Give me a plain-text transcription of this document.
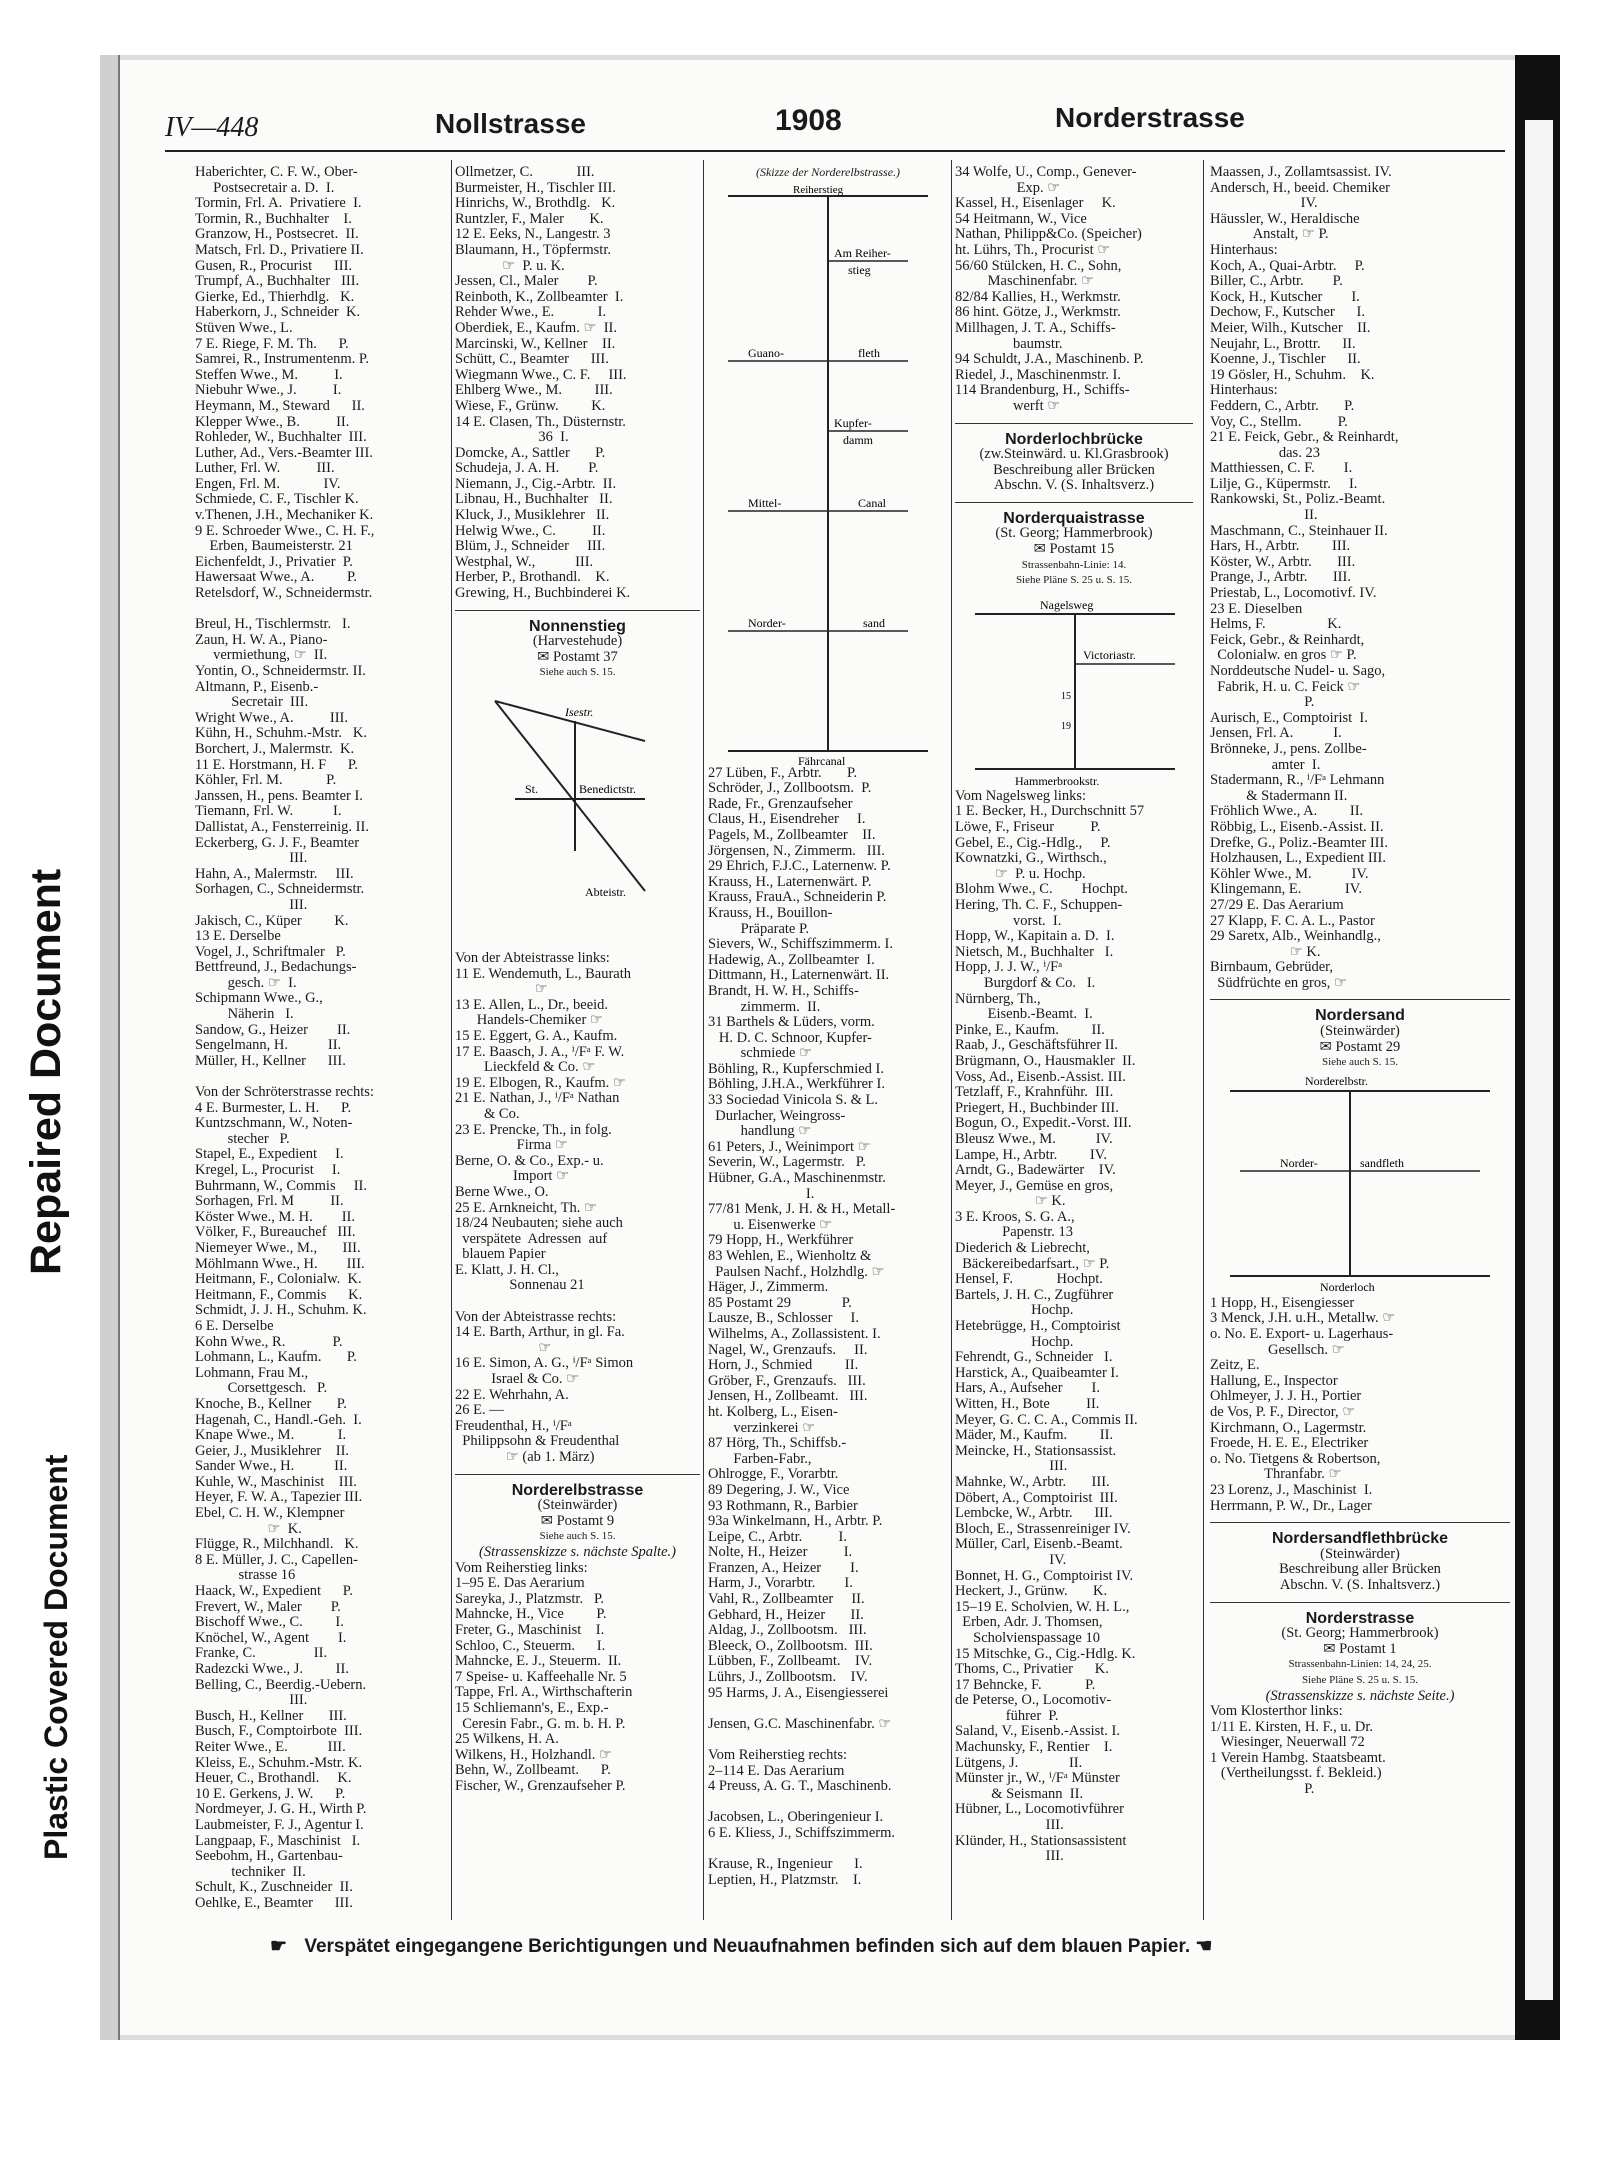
Repaired Document
Plastic Covered Document
IV—448	Nollstrasse	1908	Norderstrasse
Haberichter, C. F. W., Ober-
Postsecretair a. D.  I.
Tormin, Frl. A.  Privatiere  I.
Tormin, R., Buchhalter    I.
Granzow, H., Postsecret.  II.
Matsch, Frl. D., Privatiere II.
Gusen, R., Procurist      III.
Trumpf, A., Buchhalter   III.
Gierke, Ed., Thierhdlg.   K.
Haberkorn, J., Schneider  K.
Stüven Wwe., L.
7 E. Riege, F. M. Th.      P.
Samrei, R., Instrumentenm. P.
Steffen Wwe., M.          I.
Niebuhr Wwe., J.          I.
Heymann, M., Steward      II.
Klepper Wwe., B.          II.
Rohleder, W., Buchhalter  III.
Luther, Ad., Vers.-Beamter III.
Luther, Frl. W.          III.
Engen, Frl. M.            IV.
Schmiede, C. F., Tischler K.
v.Thenen, J.H., Mechaniker K.
9 E. Schroeder Wwe., C. H. F.,
Erben, Baumeisterstr. 21
Eichenfeldt, J., Privatier  P.
Hawersaat Wwe., A.         P.
Retelsdorf, W., Schneidermstr.
Breul, H., Tischlermstr.   I.
Zaun, H. W. A., Piano-
vermiethung, ☞  II.
Yontin, O., Schneidermstr. II.
Altmann, P., Eisenb.-
Secretair  III.
Wright Wwe., A.          III.
Kühn, H., Schuhm.-Mstr.   K.
Borchert, J., Malermstr.  K.
11 E. Horstmann, H. F      P.
Köhler, Frl. M.            P.
Janssen, H., pens. Beamter I.
Tiemann, Frl. W.           I.
Dallistat, A., Fensterreinig. II.
Eckerberg, G. J. F., Beamter
III.
Hahn, A., Malermstr.     III.
Sorhagen, C., Schneidermstr.
III.
Jakisch, C., Küper         K.
13 E. Derselbe
Vogel, J., Schriftmaler   P.
Bettfreund, J., Bedachungs-
gesch. ☞  I.
Schipmann Wwe., G.,
Näherin   I.
Sandow, G., Heizer        II.
Sengelmann, H.           II.
Müller, H., Kellner      III.
Von der Schröterstrasse rechts:
4 E. Burmester, L. H.      P.
Kuntzschmann, W., Noten-
stecher   P.
Stapel, E., Expedient     I.
Kregel, L., Procurist     I.
Buhrmann, W., Commis     II.
Sorhagen, Frl. M          II.
Köster Wwe., M. H.        II.
Völker, F., Bureauchef   III.
Niemeyer Wwe., M.,       III.
Möhlmann Wwe., H.        III.
Heitmann, F., Colonialw.  K.
Heitmann, F., Commis      K.
Schmidt, J. J. H., Schuhm. K.
6 E. Derselbe
Kohn Wwe., R.             P.
Lohmann, L., Kaufm.       P.
Lohmann, Frau M.,
Corsettgesch.   P.
Knoche, B., Kellner       P.
Hagenah, C., Handl.-Geh.  I.
Knape Wwe., M.            I.
Geier, J., Musiklehrer    II.
Sander Wwe., H.           II.
Kuhle, W., Maschinist    III.
Heyer, F. W. A., Tapezier III.
Ebel, C. H. W., Klempner
☞  K.
Flügge, R., Milchhandl.   K.
8 E. Müller, J. C., Capellen-
strasse 16
Haack, W., Expedient      P.
Frevert, W., Maler        P.
Bischoff Wwe., C.         I.
Knöchel, W., Agent        I.
Franke, C.                II.
Radezcki Wwe., J.         II.
Belling, C., Beerdig.-Uebern.
III.
Busch, H., Kellner       III.
Busch, F., Comptoirbote  III.
Reiter Wwe., E.           III.
Kleiss, E., Schuhm.-Mstr. K.
Heuer, C., Brothandl.     K.
10 E. Gerkens, J. W.      P.
Nordmeyer, J. G. H., Wirth P.
Laubmeister, F. J., Agentur I.
Langpaap, F., Maschinist   I.
Seebohm, H., Gartenbau-
techniker  II.
Schult, K., Zuschneider  II.
Oehlke, E., Beamter      III.
Ollmetzer, C.            III.
Burmeister, H., Tischler III.
Hinrichs, W., Brothdlg.   K.
Runtzler, F., Maler       K.
12 E. Eeks, N., Langestr. 3
Blaumann, H., Töpfermstr.
☞  P. u. K.
Jessen, Cl., Maler        P.
Reinboth, K., Zollbeamter  I.
Rehder Wwe., E.            I.
Oberdiek, E., Kaufm. ☞  II.
Marcinski, W., Kellner    II.
Schütt, C., Beamter      III.
Wiegmann Wwe., C. F.     III.
Ehlberg Wwe., M.         III.
Wiese, F., Grünw.         K.
14 E. Clasen, Th., Düsternstr.
36  I.
Domcke, A., Sattler       P.
Schudeja, J. A. H.        P.
Niemann, J., Cig.-Arbtr.  II.
Libnau, H., Buchhalter   II.
Kluck, J., Musiklehrer   II.
Helwig Wwe., C.          II.
Blüm, J., Schneider     III.
Westphal, W.,           III.
Herber, P., Brothandl.    K.
Grewing, H., Buchbinderei K.
Nonnenstieg
(Harvestehude)
✉ Postamt 37
Siehe auch S. 15.
Isestr.
St.	Benedictstr.
Abteistr.
Von der Abteistrasse links:
11 E. Wendemuth, L., Baurath
☞
13 E. Allen, L., Dr., beeid.
Handels-Chemiker ☞
15 E. Eggert, G. A., Kaufm.
17 E. Baasch, J. A., ⁱ/Fᵃ F. W.
Lieckfeld & Co. ☞
19 E. Elbogen, R., Kaufm. ☞
21 E. Nathan, J., ⁱ/Fᵃ Nathan
& Co.
23 E. Prencke, Th., in folg.
Firma ☞
Berne, O. & Co., Exp.- u.
Import ☞
Berne Wwe., O.
25 E. Arnkneicht, Th. ☞
18/24 Neubauten; siehe auch
verspätete  Adressen  auf
blauem Papier
E. Klatt, J. H. Cl.,
Sonnenau 21
Von der Abteistrasse rechts:
14 E. Barth, Arthur, in gl. Fa.
☞
16 E. Simon, A. G., ⁱ/Fᵃ Simon
Israel & Co. ☞
22 E. Wehrhahn, A.
26 E. —
Freudenthal, H., ⁱ/Fᵃ
Philippsohn & Freudenthal
☞ (ab 1. März)
Norderelbstrasse
(Steinwärder)
✉ Postamt 9
Siehe auch S. 15.
(Strassenskizze s. nächste Spalte.)
Vom Reiherstieg links:
1–95 E. Das Aerarium
Sareyka, J., Platzmstr.   P.
Mahncke, H., Vice         P.
Freter, G., Maschinist    I.
Schloo, C., Steuerm.      I.
Mahncke, E. J., Steuerm.  II.
7 Speise- u. Kaffeehalle Nr. 5
Tappe, Frl. A., Wirthschafterin
15 Schliemann's, E., Exp.-
Ceresin Fabr., G. m. b. H. P.
25 Wilkens, H. A.
Wilkens, H., Holzhandl. ☞
Behn, W., Zollbeamt.      P.
Fischer, W., Grenzaufseher P.
(Skizze der Norderelbstrasse.)
Reiherstieg
Am Reiher-
stieg
Guano-	fleth
Kupfer-
damm
Mittel-	Canal
Norder-	sand
Fährcanal
27 Lüben, F., Arbtr.       P.
Schröder, J., Zollbootsm.  P.
Rade, Fr., Grenzaufseher
Claus, H., Eisendreher     I.
Pagels, M., Zollbeamter    II.
Jörgensen, N., Zimmerm.   III.
29 Ehrich, F.J.C., Laternenw. P.
Krauss, H., Laternenwärt. P.
Krauss, FrauA., Schneiderin P.
Krauss, H., Bouillon-
Präparate P.
Sievers, W., Schiffszimmerm. I.
Hadewig, A., Zollbeamter  I.
Dittmann, H., Laternenwärt. II.
Brandt, H. W. H., Schiffs-
zimmerm.  II.
31 Barthels & Lüders, vorm.
H. D. C. Schnoor, Kupfer-
schmiede ☞
Böhling, R., Kupferschmied I.
Böhling, J.H.A., Werkführer I.
33 Sociedad Vinicola S. & L.
Durlacher, Weingross-
handlung ☞
61 Peters, J., Weinimport ☞
Severin, W., Lagermstr.   P.
Hübner, G.A., Maschinenmstr.
I.
77/81 Menk, J. H. & H., Metall-
u. Eisenwerke ☞
79 Hopp, H., Werkführer
83 Wehlen, E., Wienholtz &
Paulsen Nachf., Holzhdlg. ☞
Häger, J., Zimmerm.
85 Postamt 29              P.
Lausze, B., Schlosser     I.
Wilhelms, A., Zollassistent. I.
Nagel, W., Grenzaufs.     II.
Horn, J., Schmied         II.
Gröber, F., Grenzaufs.   III.
Jensen, H., Zollbeamt.   III.
ht. Kolberg, L., Eisen-
verzinkerei ☞
87 Hörg, Th., Schiffsb.-
Farben-Fabr.,
Ohlrogge, F., Vorarbtr.
89 Degering, J. W., Vice
93 Rothmann, R., Barbier
93a Winkelmann, H., Arbtr. P.
Leipe, C., Arbtr.          I.
Nolte, H., Heizer          I.
Franzen, A., Heizer        I.
Harm, J., Vorarbtr.        I.
Vahl, R., Zollbeamter     II.
Gebhard, H., Heizer       II.
Aldag, J., Zollbootsm.   III.
Bleeck, O., Zollbootsm.  III.
Lübben, F., Zollbeamt.    IV.
Lührs, J., Zollbootsm.    IV.
95 Harms, J. A., Eisengiesserei
Jensen, G.C. Maschinenfabr. ☞
Vom Reiherstieg rechts:
2–114 E. Das Aerarium
4 Preuss, A. G. T., Maschinenb.
Jacobsen, L., Oberingenieur I.
6 E. Kliess, J., Schiffszimmerm.
Krause, R., Ingenieur      I.
Leptien, H., Platzmstr.    I.
34 Wolfe, U., Comp., Genever-
Exp. ☞
Kassel, H., Eisenlager     K.
54 Heitmann, W., Vice
Nathan, Philipp&Co. (Speicher)
ht. Lührs, Th., Procurist ☞
56/60 Stülcken, H. C., Sohn,
Maschinenfabr. ☞
82/84 Kallies, H., Werkmstr.
86 hint. Götze, J., Werkmstr.
Millhagen, J. T. A., Schiffs-
baumstr.
94 Schuldt, J.A., Maschinenb. P.
Riedel, J., Maschinenmstr. I.
114 Brandenburg, H., Schiffs-
werft ☞
Norderlochbrücke
(zw.Steinwärd. u. Kl.Grasbrook)
Beschreibung aller Brücken
Abschn. V. (S. Inhaltsverz.)
Norderquaistrasse
(St. Georg; Hammerbrook)
✉ Postamt 15
Strassenbahn-Linie: 14.
Siehe Pläne S. 25 u. S. 15.
Nagelsweg
Victoriastr.
15
19
Hammerbrookstr.
Vom Nagelsweg links:
1 E. Becker, H., Durchschnitt 57
Löwe, F., Friseur          P.
Gebel, E., Cig.-Hdlg.,     P.
Kownatzki, G., Wirthsch.,
☞  P. u. Hochp.
Blohm Wwe., C.        Hochpt.
Hering, Th. C. F., Schuppen-
vorst.  I.
Hopp, W., Kapitain a. D.  I.
Nietsch, M., Buchhalter   I.
Hopp, J. J. W., ⁱ/Fᵃ
Burgdorf & Co.   I.
Nürnberg, Th.,
Eisenb.-Beamt.  I.
Pinke, E., Kaufm.         II.
Raab, J., Geschäftsführer II.
Brügmann, O., Hausmakler  II.
Voss, Ad., Eisenb.-Assist. III.
Tetzlaff, F., Krahnführ.  III.
Priegert, H., Buchbinder III.
Bogun, O., Expedit.-Vorst. III.
Bleusz Wwe., M.           IV.
Lampe, H., Arbtr.         IV.
Arndt, G., Badewärter    IV.
Meyer, J., Gemüse en gros,
☞ K.
3 E. Kroos, S. G. A.,
Papenstr. 13
Diederich & Liebrecht,
Bäckereibedarfsart., ☞ P.
Hensel, F.            Hochpt.
Bartels, J. H. C., Zugführer
Hochp.
Hetebrügge, H., Comptoirist
Hochp.
Fehrendt, G., Schneider   I.
Harstick, A., Quaibeamter I.
Hars, A., Aufseher        I.
Witten, H., Bote          II.
Meyer, G. C. C. A., Commis II.
Mäder, M., Kaufm.         II.
Meincke, H., Stationsassist.
III.
Mahnke, W., Arbtr.       III.
Döbert, A., Comptoirist  III.
Lembcke, W., Arbtr.      III.
Bloch, E., Strassenreiniger IV.
Müller, Carl, Eisenb.-Beamt.
IV.
Bonnet, H. G., Comptoirist IV.
Heckert, J., Grünw.       K.
15–19 E. Scholvien, W. H. L.,
Erben, Adr. J. Thomsen,
Scholvienspassage 10
15 Mitschke, G., Cig.-Hdlg. K.
Thoms, C., Privatier      K.
17 Behncke, F.            P.
de Peterse, O., Locomotiv-
führer  P.
Saland, V., Eisenb.-Assist. I.
Machunsky, F., Rentier    I.
Lütgens, J.              II.
Münster jr., W., ⁱ/Fᵃ Münster
& Seismann  II.
Hübner, L., Locomotivführer
III.
Klünder, H., Stationsassistent
III.
Maassen, J., Zollamtsassist. IV.
Andersch, H., beeid. Chemiker
IV.
Häussler, W., Heraldische
Anstalt, ☞ P.
Hinterhaus:
Koch, A., Quai-Arbtr.     P.
Biller, C., Arbtr.        P.
Kock, H., Kutscher        I.
Dechow, F., Kutscher      I.
Meier, Wilh., Kutscher    II.
Neujahr, L., Brottr.      II.
Koenne, J., Tischler      II.
19 Gösler, H., Schuhm.    K.
Hinterhaus:
Feddern, C., Arbtr.       P.
Voy, C., Stellm.          P.
21 E. Feick, Gebr., & Reinhardt,
das. 23
Matthiessen, C. F.        I.
Lilje, G., Küpermstr.     I.
Rankowski, St., Poliz.-Beamt.
II.
Maschmann, C., Steinhauer II.
Hars, H., Arbtr.         III.
Köster, W., Arbtr.       III.
Prange, J., Arbtr.       III.
Priestab, L., Locomotivf. IV.
23 E. Dieselben
Helms, F.                 K.
Feick, Gebr., & Reinhardt,
Colonialw. en gros ☞ P.
Norddeutsche Nudel- u. Sago,
Fabrik, H. u. C. Feick ☞
P.
Aurisch, E., Comptoirist  I.
Jensen, Frl. A.           I.
Brönneke, J., pens. Zollbe-
amter  I.
Stadermann, R., ⁱ/Fᵃ Lehmann
& Stadermann II.
Fröhlich Wwe., A.         II.
Röbbig, L., Eisenb.-Assist. II.
Drefke, G., Poliz.-Beamter III.
Holzhausen, L., Expedient III.
Köhler Wwe., M.           IV.
Klingemann, E.            IV.
27/29 E. Das Aerarium
27 Klapp, F. C. A. L., Pastor
29 Saretx, Alb., Weinhandlg.,
☞ K.
Birnbaum, Gebrüder,
Südfrüchte en gros, ☞
Nordersand
(Steinwärder)
✉ Postamt 29
Siehe auch S. 15.
Norderelbstr.
Norder-	sandfleth
Norderloch
1 Hopp, H., Eisengiesser
3 Menck, J.H. u.H., Metallw. ☞
o. No. E. Export- u. Lagerhaus-
Gesellsch. ☞
Zeitz, E.
Hallung, E., Inspector
Ohlmeyer, J. J. H., Portier
de Vos, P. F., Director, ☞
Kirchmann, O., Lagermstr.
Froede, H. E. E., Electriker
o. No. Tietgens & Robertson,
Thranfabr. ☞
23 Lorenz, J., Maschinist  I.
Herrmann, P. W., Dr., Lager
Nordersandflethbrücke
(Steinwärder)
Beschreibung aller Brücken
Abschn. V. (S. Inhaltsverz.)
Norderstrasse
(St. Georg; Hammerbrook)
✉ Postamt 1
Strassenbahn-Linien: 14, 24, 25.
Siehe Pläne S. 25 u. S. 15.
(Strassenskizze s. nächste Seite.)
Vom Klosterthor links:
1/11 E. Kirsten, H. F., u. Dr.
Wiesinger, Neuerwall 72
1 Verein Hambg. Staatsbeamt.
(Vertheilungsst. f. Bekleid.)
P.
☛ Verspätet eingegangene Berichtigungen und Neuaufnahmen befinden sich auf dem blauen Papier. ☚
